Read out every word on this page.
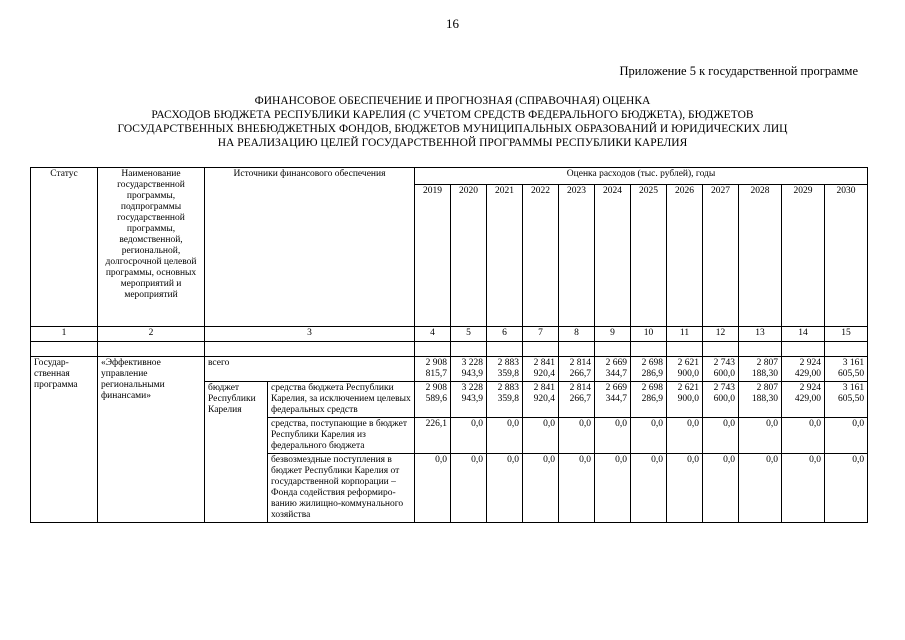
16
Приложение 5 к государственной программе
ФИНАНСОВОЕ ОБЕСПЕЧЕНИЕ И ПРОГНОЗНАЯ (СПРАВОЧНАЯ) ОЦЕНКА
РАСХОДОВ БЮДЖЕТА РЕСПУБЛИКИ КАРЕЛИЯ (С УЧЕТОМ СРЕДСТВ ФЕДЕРАЛЬНОГО БЮДЖЕТА), БЮДЖЕТОВ
ГОСУДАРСТВЕННЫХ ВНЕБЮДЖЕТНЫХ ФОНДОВ, БЮДЖЕТОВ МУНИЦИПАЛЬНЫХ ОБРАЗОВАНИЙ И ЮРИДИЧЕСКИХ ЛИЦ
НА РЕАЛИЗАЦИЮ ЦЕЛЕЙ ГОСУДАРСТВЕННОЙ ПРОГРАММЫ РЕСПУБЛИКИ КАРЕЛИЯ
Статус	Наименование государственной программы, подпрограммы государственной программы, ведомственной, региональной, долгосрочной целевой программы, основных мероприятий и мероприятий	Источники финансового обеспечения		Оценка расходов (тыс. рублей), годы											
				2019	2020	2021	2022	2023	2024	2025	2026	2027	2028	2029	2030
1	2	3		4	5	6	7	8	9	10	11	12	13	14	15

Государ-ственная программа	«Эффективное управление региональными финансами»	всего		2 908 815,7	3 228 943,9	2 883 359,8	2 841 920,4	2 814 266,7	2 669 344,7	2 698 286,9	2 621 900,0	2 743 600,0	2 807 188,30	2 924 429,00	3 161 605,50
		бюджет Республики Карелия	средства бюджета Республики Карелия, за исключением целевых федеральных средств	2 908 589,6	3 228 943,9	2 883 359,8	2 841 920,4	2 814 266,7	2 669 344,7	2 698 286,9	2 621 900,0	2 743 600,0	2 807 188,30	2 924 429,00	3 161 605,50
			средства, поступающие в бюджет Республики Карелия из федерального бюджета	226,1	0,0	0,0	0,0	0,0	0,0	0,0	0,0	0,0	0,0	0,0	0,0
			безвозмездные поступления в бюджет Республики Карелия от государственной корпорации – Фонда содействия реформиро-ванию жилищно-коммунального хозяйства	0,0	0,0	0,0	0,0	0,0	0,0	0,0	0,0	0,0	0,0	0,0	0,0
